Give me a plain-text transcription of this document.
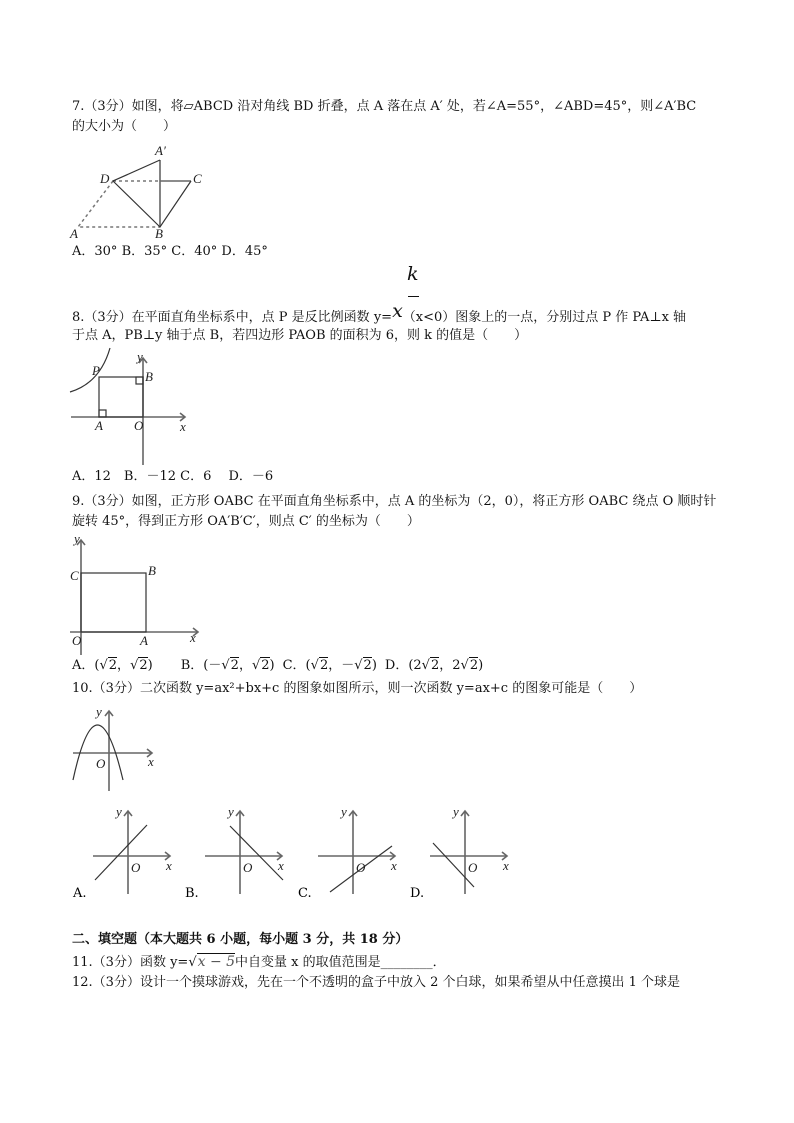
7.（3分）如图，将▱ABCD 沿对角线 BD 折叠，点 A 落在点 A′ 处，若∠A=55°，∠ABD=45°，则∠A′BC
的大小为（　　）
A′
D	C
A	B
P	B
A O	x
y
y
C	B
O	A	x
y
O	x
y
O x
A.
y
O x
B.
y
O x
C.
y
O x
D.
k
8.（3分）在平面直角坐标系中，点 P 是反比例函数 y=x（x<0）图象上的一点，分别过点 P 作 PA⊥x 轴
于点 A，PB⊥y 轴于点 B，若四边形 PAOB 的面积为 6，则 k 的值是（　　）
A．12　B．－12 C．6　 D．－6
A．30° B．35° C．40° D．45°
9.（3分）如图，正方形 OABC 在平面直角坐标系中，点 A 的坐标为（2，0），将正方形 OABC 绕点 O 顺时针
旋转 45°，得到正方形 OA′B′C′，则点 C′ 的坐标为（　　）
A．(√2，√2) B．(－√2，√2) C．(√2，－√2) D．(2√2，2√2)
10.（3分）二次函数 y=ax²+bx+c 的图象如图所示，则一次函数 y=ax+c 的图象可能是（　　）
二、填空题（本大题共 6 小题，每小题 3 分，共 18 分）
11.（3分）函数 y=√x − 5中自变量 x 的取值范围是________．
12.（3分）设计一个摸球游戏，先在一个不透明的盒子中放入 2 个白球，如果希望从中任意摸出 1 个球是
